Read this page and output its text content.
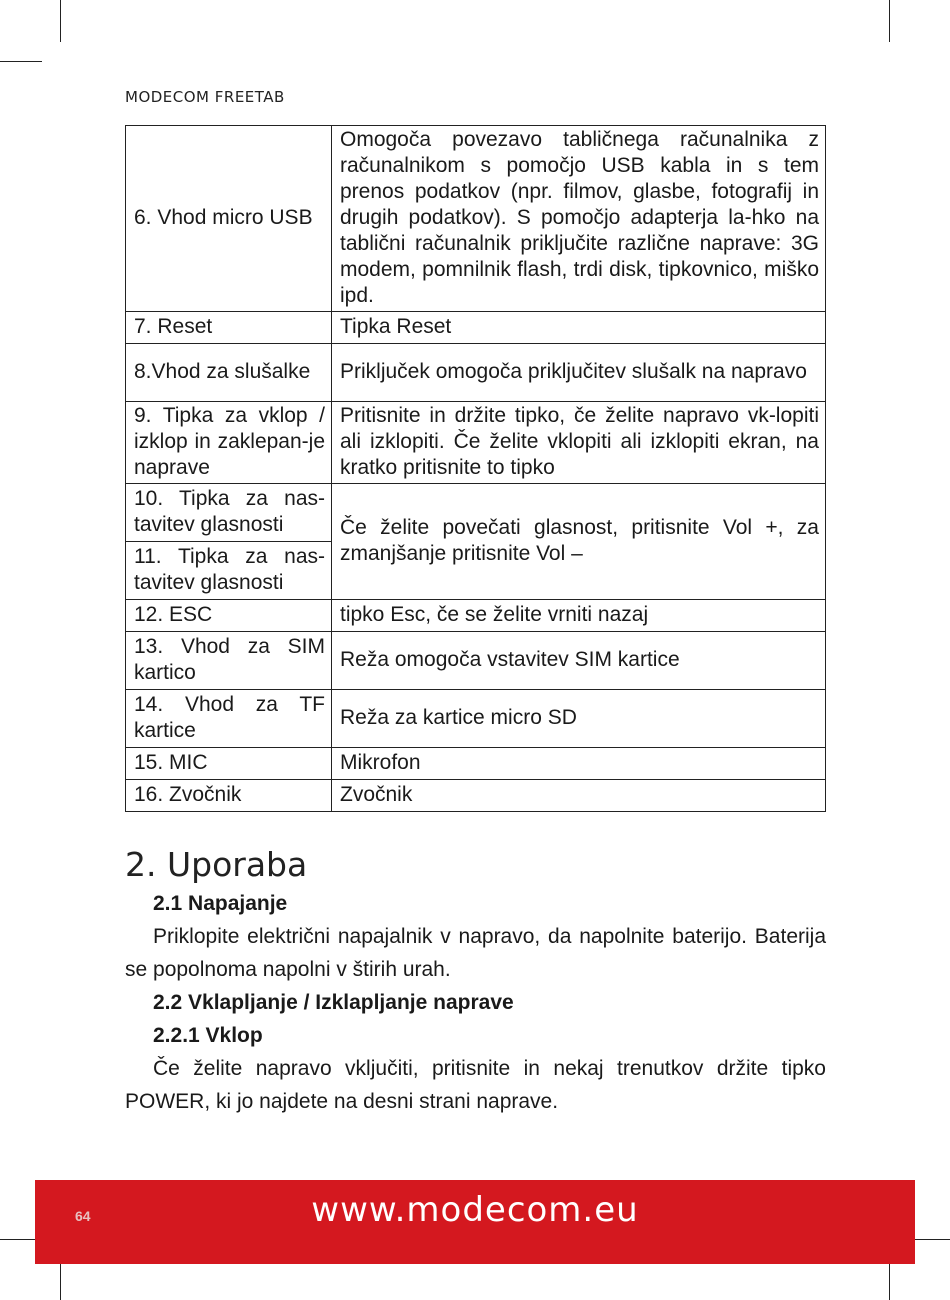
MODECOM FREETAB
6. Vhod micro USB	Omogoča povezavo tabličnega računalnika z računalnikom s pomočjo USB kabla in s tem prenos podatkov (npr. filmov, glasbe, fotografij in drugih podatkov). S pomočjo adapterja la-hko na tablični računalnik priključite različne naprave: 3G modem, pomnilnik flash, trdi disk, tipkovnico, miško ipd.
7. Reset	Tipka Reset
8.Vhod za slušalke	Priključek omogoča priključitev slušalk na napravo
9. Tipka za vklop / izklop in zaklepan-je naprave	Pritisnite in držite tipko, če želite napravo vk-lopiti ali izklopiti. Če želite vklopiti ali izklopiti ekran, na kratko pritisnite to tipko
10. Tipka za nas-tavitev glasnosti	Če želite povečati glasnost, pritisnite Vol +, za zmanjšanje pritisnite Vol –
11. Tipka za nas-tavitev glasnosti	
12. ESC	tipko Esc, če se želite vrniti nazaj
13. Vhod za SIM kartico	Reža omogoča vstavitev SIM kartice
14. Vhod za TF kartice	Reža za kartice micro SD
15. MIC	Mikrofon
16. Zvočnik	Zvočnik
2. Uporaba
2.1 Napajanje

Priklopite električni napajalnik v napravo, da napolnite baterijo. Baterija se popolnoma napolni v štirih urah.

2.2 Vklapljanje / Izklapljanje naprave
2.2.1 Vklop

Če želite napravo vključiti, pritisnite in nekaj trenutkov držite tipko POWER, ki jo najdete na desni strani naprave.

64	www.modecom.eu
